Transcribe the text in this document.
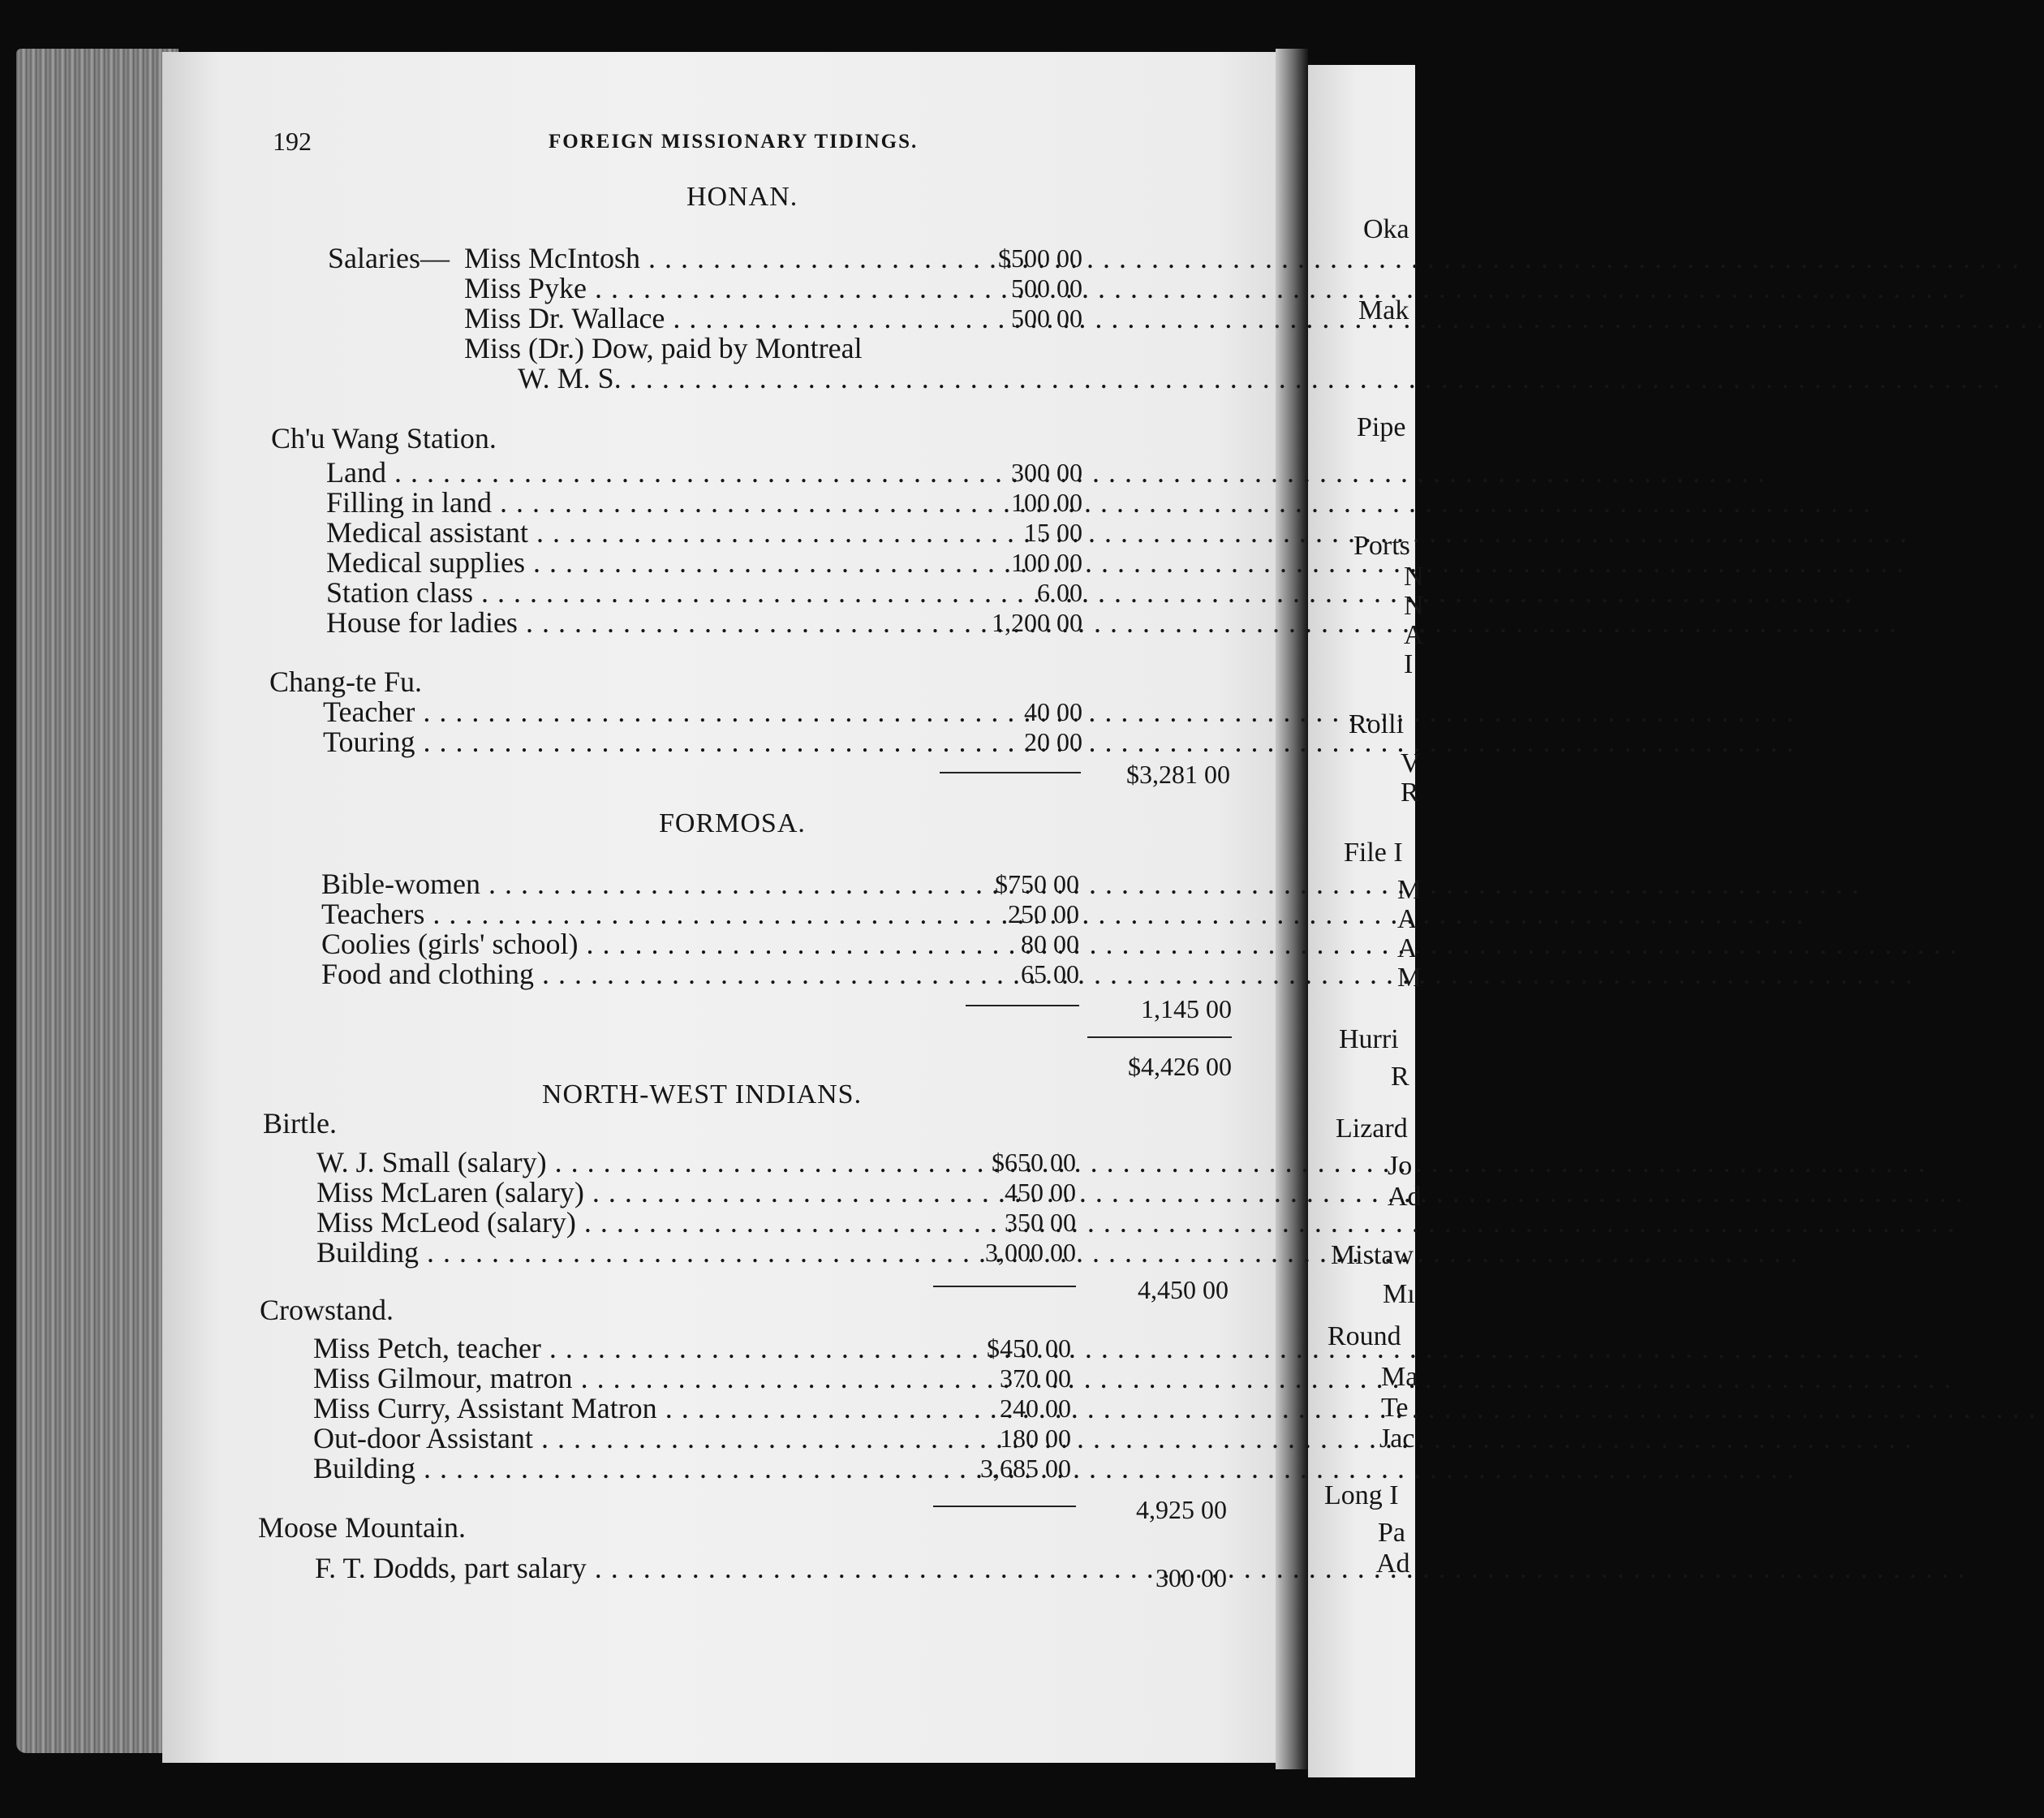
192	FOREIGN MISSIONARY TIDINGS.
HONAN.
Salaries— Miss McIntosh . . .	$500 00
Miss Pyke . . .	500 00
Miss Dr. Wallace . . .	500 00
Miss (Dr.) Dow, paid by Montreal
W. M. S. . . .
Ch'u Wang Station.
Land . . .	300 00
Filling in land . . .	100 00
Medical assistant . . .	15 00
Medical supplies . . .	100 00
Station class . . .	6 00
House for ladies . . .	1,200 00
Chang-te Fu.
Teacher . . .	40 00
Touring . . .	20 00
$3,281 00
FORMOSA.
Bible-women . . .	$750 00
Teachers . . .	250 00
Coolies (girls' school) . . .	80 00
Food and clothing . . .	65 00
1,145 00
$4,426 00
NORTH-WEST INDIANS.
Birtle.
W. J. Small (salary) . . .	$650 00
Miss McLaren (salary) . . .	450 00
Miss McLeod (salary) . . .	350 00
Building . . .	3,000 00
4,450 00
Crowstand.
Miss Petch, teacher . . .	$450 00
Miss Gilmour, matron . . .	370 00
Miss Curry, Assistant Matron . . .	240 00
Out-door Assistant . . .	180 00
Building . . .	3,685 00
4,925 00
Moose Mountain.
F. T. Dodds, part salary . . .	300 00
Oka
Mak
Pipe
Ports
Rolli
File I
Hurri
Lizard
Mistaw
Round
Long I
N
N
A
I
V
R
M
A
A
M
R
Jo
Ad
Mı
Ma
Te
Jac
Pa
Ad
